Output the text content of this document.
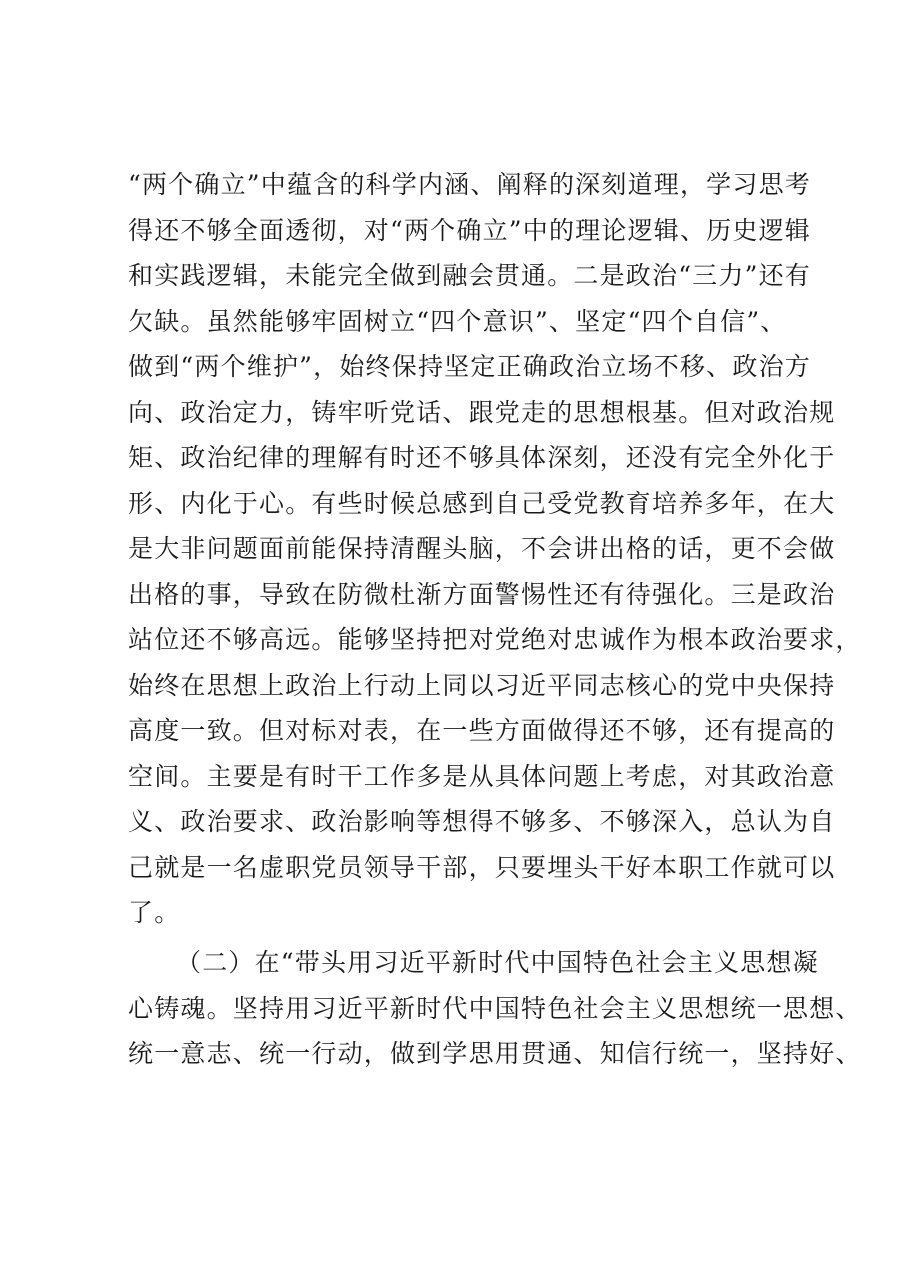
“两个确立”中蕴含的科学内涵、阐释的深刻道理，学习思考
得还不够全面透彻，对“两个确立”中的理论逻辑、历史逻辑
和实践逻辑，未能完全做到融会贯通。二是政治“三力”还有
欠缺。虽然能够牢固树立“四个意识”、坚定“四个自信”、
做到“两个维护”，始终保持坚定正确政治立场不移、政治方
向、政治定力，铸牢听党话、跟党走的思想根基。但对政治规
矩、政治纪律的理解有时还不够具体深刻，还没有完全外化于
形、内化于心。有些时候总感到自己受党教育培养多年，在大
是大非问题面前能保持清醒头脑，不会讲出格的话，更不会做
出格的事，导致在防微杜渐方面警惕性还有待强化。三是政治
站位还不够高远。能够坚持把对党绝对忠诚作为根本政治要求，
始终在思想上政治上行动上同以习近平同志核心的党中央保持
高度一致。但对标对表，在一些方面做得还不够，还有提高的
空间。主要是有时干工作多是从具体问题上考虑，对其政治意
义、政治要求、政治影响等想得不够多、不够深入，总认为自
己就是一名虚职党员领导干部，只要埋头干好本职工作就可以
了。
（二）在“带头用习近平新时代中国特色社会主义思想凝
心铸魂。坚持用习近平新时代中国特色社会主义思想统一思想、
统一意志、统一行动，做到学思用贯通、知信行统一，坚持好、
